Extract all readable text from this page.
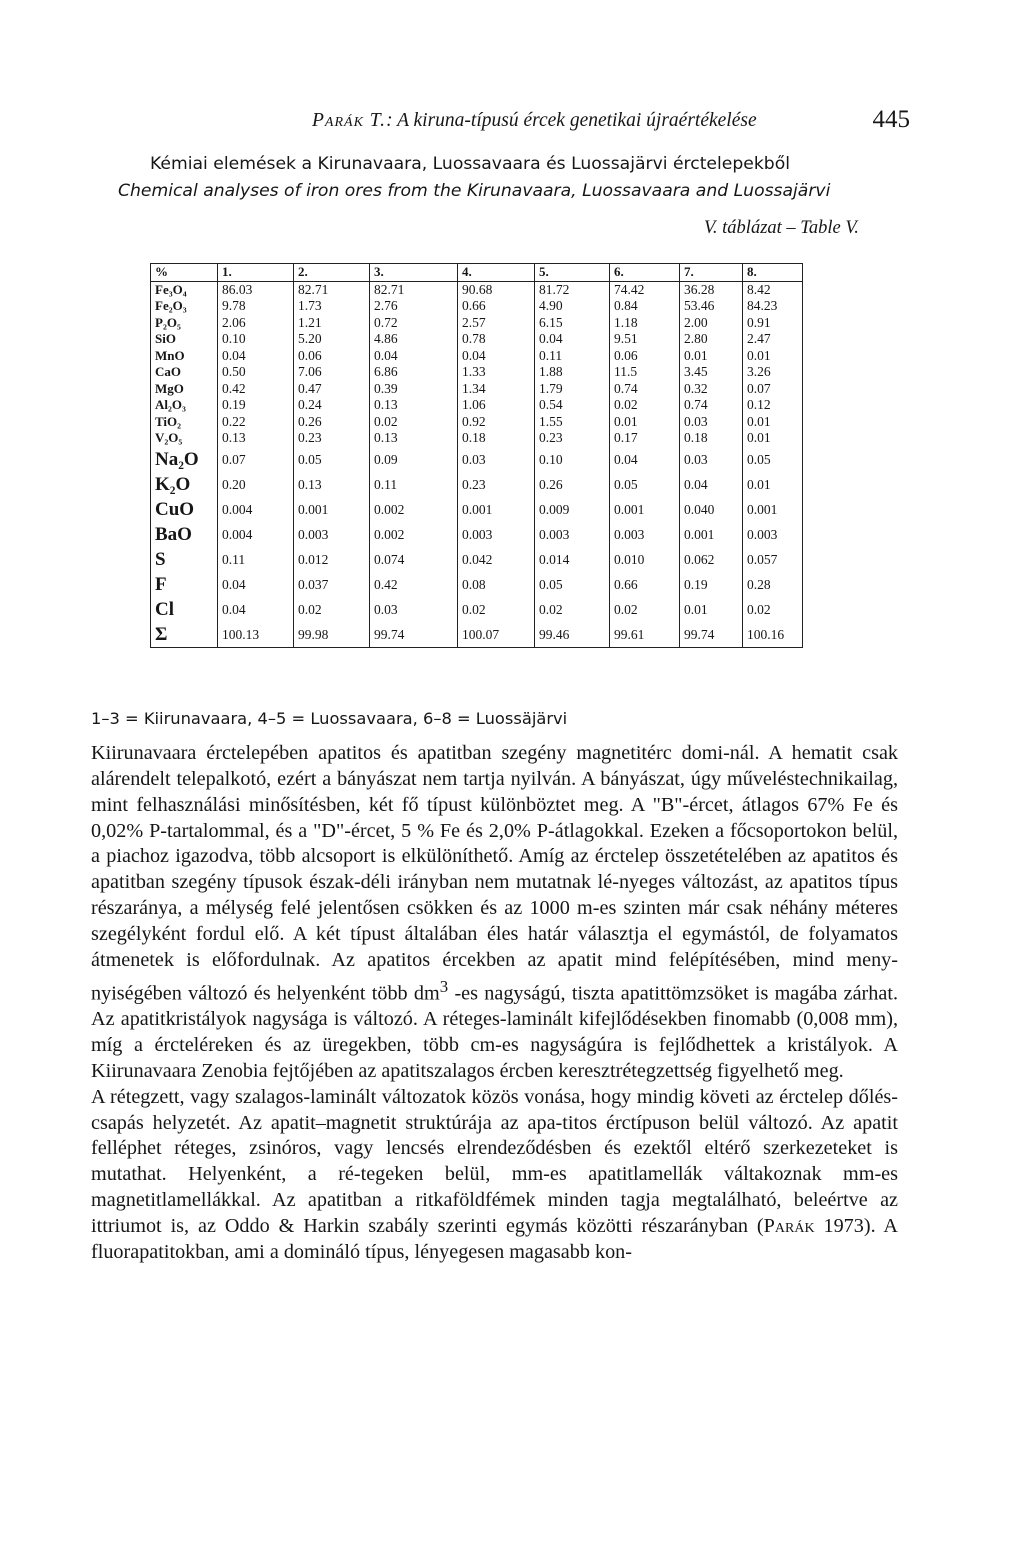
Parák T.: A kiruna-típusú ércek genetikai újraértékelése	445
Kémiai elemések a Kirunavaara, Luossavaara és Luossajärvi érctelepekből
Chemical analyses of iron ores from the Kirunavaara, Luossavaara and Luossajärvi
V. táblázat – Table V.
%	1.	2.	3.	4.	5.	6.	7.	8.
Fe₃O₄	86.03	82.71	82.71	90.68	81.72	74.42	36.28	8.42
Fe₂O₃	9.78	1.73	2.76	0.66	4.90	0.84	53.46	84.23
P₂O₅	2.06	1.21	0.72	2.57	6.15	1.18	2.00	0.91
SiO	0.10	5.20	4.86	0.78	0.04	9.51	2.80	2.47
MnO	0.04	0.06	0.04	0.04	0.11	0.06	0.01	0.01
CaO	0.50	7.06	6.86	1.33	1.88	11.5	3.45	3.26
MgO	0.42	0.47	0.39	1.34	1.79	0.74	0.32	0.07
Al₂O₃	0.19	0.24	0.13	1.06	0.54	0.02	0.74	0.12
TiO₂	0.22	0.26	0.02	0.92	1.55	0.01	0.03	0.01
V₂O₅	0.13	0.23	0.13	0.18	0.23	0.17	0.18	0.01
Na₂O	0.07	0.05	0.09	0.03	0.10	0.04	0.03	0.05
K₂O	0.20	0.13	0.11	0.23	0.26	0.05	0.04	0.01
CuO	0.004	0.001	0.002	0.001	0.009	0.001	0.040	0.001
BaO	0.004	0.003	0.002	0.003	0.003	0.003	0.001	0.003
S	0.11	0.012	0.074	0.042	0.014	0.010	0.062	0.057
F	0.04	0.037	0.42	0.08	0.05	0.66	0.19	0.28
Cl	0.04	0.02	0.03	0.02	0.02	0.02	0.01	0.02
Σ	100.13	99.98	99.74	100.07	99.46	99.61	99.74	100.16
1–3 = Kiirunavaara, 4–5 = Luossavaara, 6–8 = Luossäjärvi

Kiirunavaara érctelepében apatitos és apatitban szegény magnetitérc domi-nál. A hematit csak alárendelt telepalkotó, ezért a bányászat nem tartja nyilván. A bányászat, úgy műveléstechnikailag, mint felhasználási minősítésben, két fő típust különböztet meg. A "B"-ércet, átlagos 67% Fe és 0,02% P-tartalommal, és a "D"-ércet, 5 % Fe és 2,0% P-átlagokkal. Ezeken a főcsoportokon belül, a piachoz igazodva, több alcsoport is elkülöníthető. Amíg az érctelep összetételében az apatitos és apatitban szegény típusok észak-déli irányban nem mutatnak lé-nyeges változást, az apatitos típus részaránya, a mélység felé jelentősen csökken és az 1000 m-es szinten már csak néhány méteres szegélyként fordul elő. A két típust általában éles határ választja el egymástól, de folyamatos átmenetek is előfordulnak. Az apatitos ércekben az apatit mind felépítésében, mind meny-nyiségében változó és helyenként több $dm^3$ -es nagyságú, tiszta apatittömzsöket is magába zárhat. Az apatitkristályok nagysága is változó. A réteges-laminált kifejlődésekben finomabb (0,008 mm), míg a ércteléreken és az üregekben, több cm-es nagyságúra is fejlődhettek a kristályok. A Kiirunavaara Zenobia fejtőjében az apatitszalagos ércben keresztrétegzettség figyelhető meg.

A rétegzett, vagy szalagos-laminált változatok közös vonása, hogy mindig követi az érctelep dőlés-csapás helyzetét. Az apatit–magnetit struktúrája az apa-titos érctípuson belül változó. Az apatit felléphet réteges, zsinóros, vagy lencsés elrendeződésben és ezektől eltérő szerkezeteket is mutathat. Helyenként, a ré-tegeken belül, mm-es apatitlamellák váltakoznak mm-es magnetitlamellákkal. Az apatitban a ritkaföldfémek minden tagja megtalálható, beleértve az ittriumot is, az Oddo & Harkin szabály szerinti egymás közötti részarányban (Parák 1973). A fluorapatitokban, ami a domináló típus, lényegesen magasabb kon-
